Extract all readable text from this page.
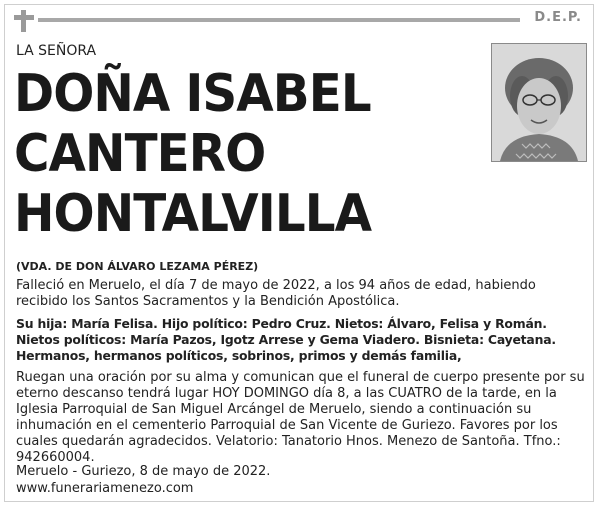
D.E.P.
LA SEÑORA
DOÑA ISABEL
CANTERO
HONTALVILLA
(VDA. DE DON ÁLVARO LEZAMA PÉREZ)
Falleció en Meruelo, el día 7 de mayo de 2022, a los 94 años de edad, habiendo recibido los Santos Sacramentos y la Bendición Apostólica.
Su hija: María Felisa. Hijo político: Pedro Cruz. Nietos: Álvaro, Felisa y Román. Nietos políticos: María Pazos, Igotz Arrese y Gema Viadero. Bisnieta: Cayetana. Hermanos, hermanos políticos, sobrinos, primos y demás familia,
Ruegan una oración por su alma y comunican que el funeral de cuerpo presente por su eterno descanso tendrá lugar HOY DOMINGO día 8, a las CUATRO de la tarde, en la Iglesia Parroquial de San Miguel Arcángel de Meruelo, siendo a continuación su inhumación en el cementerio Parroquial de San Vicente de Guriezo. Favores por los cuales quedarán agradecidos. Velatorio: Tanatorio Hnos. Menezo de Santoña. Tfno.: 942660004.
Meruelo - Guriezo, 8 de mayo de 2022.
www.funerariamenezo.com
